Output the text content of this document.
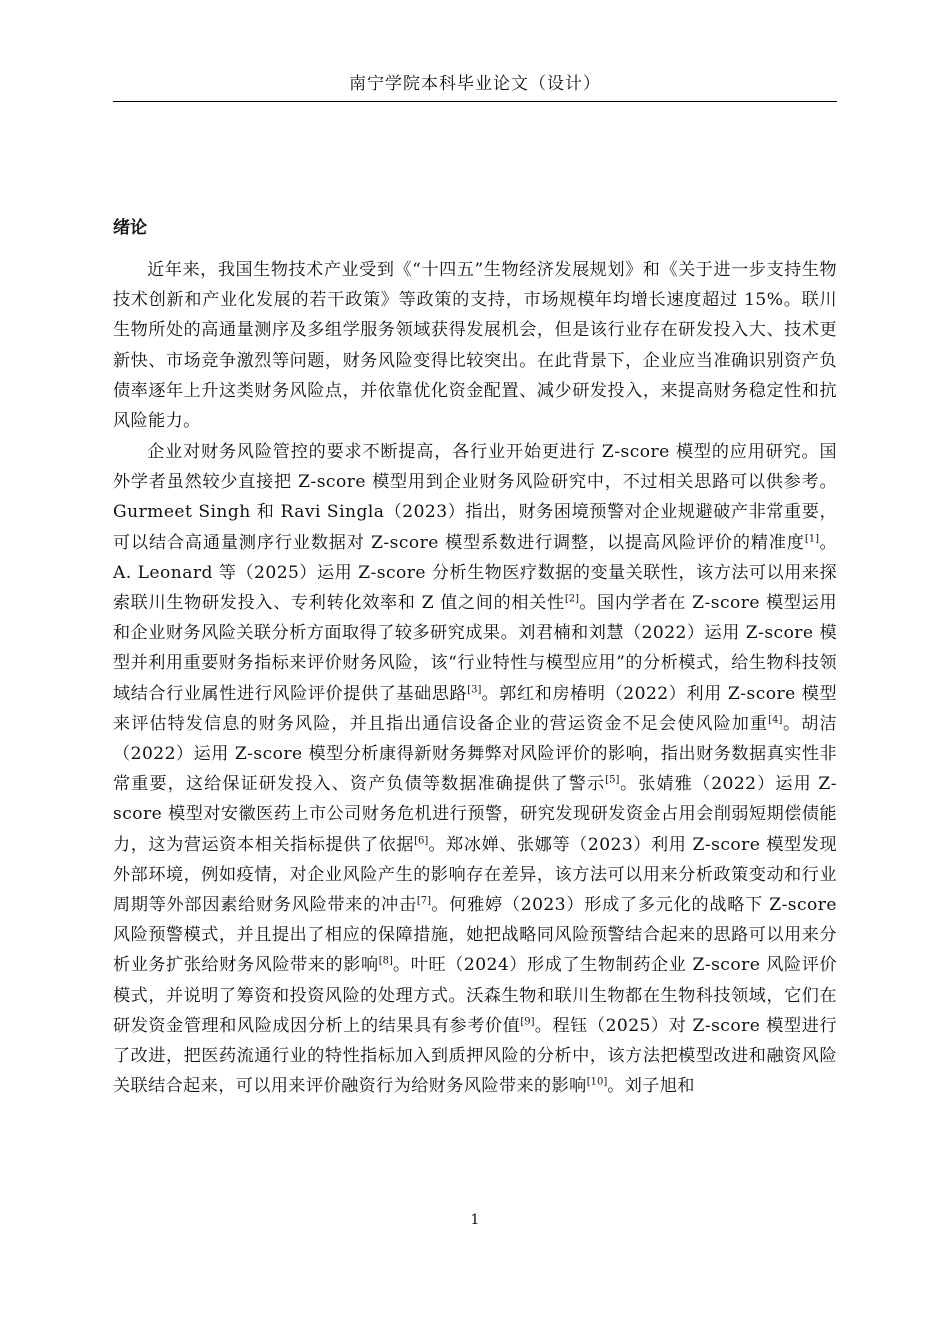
南宁学院本科毕业论文（设计）
绪论

近年来，我国生物技术产业受到《“十四五”生物经济发展规划》和《关于进一步支持生物技术创新和产业化发展的若干政策》等政策的支持，市场规模年均增长速度超过 15%。联川生物所处的高通量测序及多组学服务领域获得发展机会，但是该行业存在研发投入大、技术更新快、市场竞争激烈等问题，财务风险变得比较突出。在此背景下，企业应当准确识别资产负债率逐年上升这类财务风险点，并依靠优化资金配置、减少研发投入，来提高财务稳定性和抗风险能力。

企业对财务风险管控的要求不断提高，各行业开始更进行 Z-score 模型的应用研究。国外学者虽然较少直接把 Z-score 模型用到企业财务风险研究中，不过相关思路可以供参考。Gurmeet Singh 和 Ravi Singla（2023）指出，财务困境预警对企业规避破产非常重要，可以结合高通量测序行业数据对 Z-score 模型系数进行调整，以提高风险评价的精准度[1]。A. Leonard 等（2025）运用 Z-score 分析生物医疗数据的变量关联性，该方法可以用来探索联川生物研发投入、专利转化效率和 Z 值之间的相关性[2]。国内学者在 Z-score 模型运用和企业财务风险关联分析方面取得了较多研究成果。刘君楠和刘慧（2022）运用 Z-score 模型并利用重要财务指标来评价财务风险，该“行业特性与模型应用”的分析模式，给生物科技领域结合行业属性进行风险评价提供了基础思路[3]。郭红和房椿明（2022）利用 Z-score 模型来评估特发信息的财务风险，并且指出通信设备企业的营运资金不足会使风险加重[4]。胡洁（2022）运用 Z-score 模型分析康得新财务舞弊对风险评价的影响，指出财务数据真实性非常重要，这给保证研发投入、资产负债等数据准确提供了警示[5]。张婧雅（2022）运用 Z-score 模型对安徽医药上市公司财务危机进行预警，研究发现研发资金占用会削弱短期偿债能力，这为营运资本相关指标提供了依据[6]。郑冰婵、张娜等（2023）利用 Z-score 模型发现外部环境，例如疫情，对企业风险产生的影响存在差异，该方法可以用来分析政策变动和行业周期等外部因素给财务风险带来的冲击[7]。何雅婷（2023）形成了多元化的战略下 Z-score 风险预警模式，并且提出了相应的保障措施，她把战略同风险预警结合起来的思路可以用来分析业务扩张给财务风险带来的影响[8]。叶旺（2024）形成了生物制药企业 Z-score 风险评价模式，并说明了筹资和投资风险的处理方式。沃森生物和联川生物都在生物科技领域，它们在研发资金管理和风险成因分析上的结果具有参考价值[9]。程钰（2025）对 Z-score 模型进行了改进，把医药流通行业的特性指标加入到质押风险的分析中，该方法把模型改进和融资风险关联结合起来，可以用来评价融资行为给财务风险带来的影响[10]。刘子旭和

1
